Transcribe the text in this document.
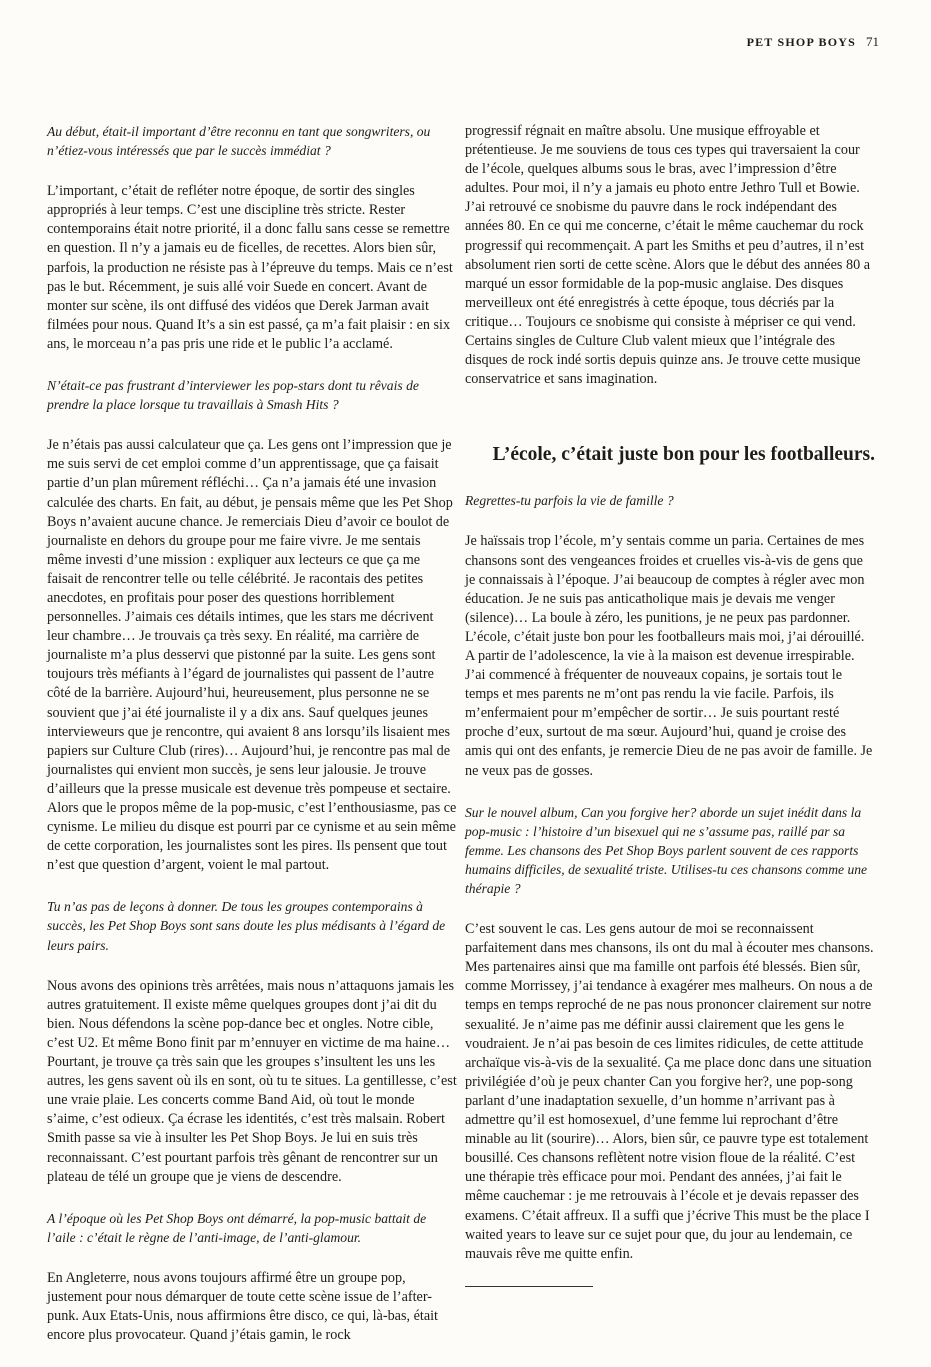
PET SHOP BOYS 71

Au début, était-il important d’être reconnu en tant que songwriters, ou n’étiez-vous intéressés que par le succès immédiat ?

L’important, c’était de refléter notre époque, de sortir des singles appropriés à leur temps. C’est une discipline très stricte. Rester contemporains était notre priorité, il a donc fallu sans cesse se remettre en question. Il n’y a jamais eu de ficelles, de recettes. Alors bien sûr, parfois, la production ne résiste pas à l’épreuve du temps. Mais ce n’est pas le but. Récemment, je suis allé voir Suede en concert. Avant de monter sur scène, ils ont diffusé des vidéos que Derek Jarman avait filmées pour nous. Quand It’s a sin est passé, ça m’a fait plaisir : en six ans, le morceau n’a pas pris une ride et le public l’a acclamé.

N’était-ce pas frustrant d’interviewer les pop-stars dont tu rêvais de prendre la place lorsque tu travaillais à Smash Hits ?

Je n’étais pas aussi calculateur que ça. Les gens ont l’impression que je me suis servi de cet emploi comme d’un apprentissage, que ça faisait partie d’un plan mûrement réfléchi… Ça n’a jamais été une invasion calculée des charts. En fait, au début, je pensais même que les Pet Shop Boys n’avaient aucune chance. Je remerciais Dieu d’avoir ce boulot de journaliste en dehors du groupe pour me faire vivre. Je me sentais même investi d’une mission : expliquer aux lecteurs ce que ça me faisait de rencontrer telle ou telle célébrité. Je racontais des petites anecdotes, en profitais pour poser des questions horriblement personnelles. J’aimais ces détails intimes, que les stars me décrivent leur chambre… Je trouvais ça très sexy. En réalité, ma carrière de journaliste m’a plus desservi que pistonné par la suite. Les gens sont toujours très méfiants à l’égard de journalistes qui passent de l’autre côté de la barrière. Aujourd’hui, heureusement, plus personne ne se souvient que j’ai été journaliste il y a dix ans. Sauf quelques jeunes intervieweurs que je rencontre, qui avaient 8 ans lorsqu’ils lisaient mes papiers sur Culture Club (rires)… Aujourd’hui, je rencontre pas mal de journalistes qui envient mon succès, je sens leur jalousie. Je trouve d’ailleurs que la presse musicale est devenue très pompeuse et sectaire. Alors que le propos même de la pop-music, c’est l’enthousiasme, pas ce cynisme. Le milieu du disque est pourri par ce cynisme et au sein même de cette corporation, les journalistes sont les pires. Ils pensent que tout n’est que question d’argent, voient le mal partout.

Tu n’as pas de leçons à donner. De tous les groupes contemporains à succès, les Pet Shop Boys sont sans doute les plus médisants à l’égard de leurs pairs.

Nous avons des opinions très arrêtées, mais nous n’attaquons jamais les autres gratuitement. Il existe même quelques groupes dont j’ai dit du bien. Nous défendons la scène pop-dance bec et ongles. Notre cible, c’est U2. Et même Bono finit par m’ennuyer en victime de ma haine… Pourtant, je trouve ça très sain que les groupes s’insultent les uns les autres, les gens savent où ils en sont, où tu te situes. La gentillesse, c’est une vraie plaie. Les concerts comme Band Aid, où tout le monde s’aime, c’est odieux. Ça écrase les identités, c’est très malsain. Robert Smith passe sa vie à insulter les Pet Shop Boys. Je lui en suis très reconnaissant. C’est pourtant parfois très gênant de rencontrer sur un plateau de télé un groupe que je viens de descendre.

A l’époque où les Pet Shop Boys ont démarré, la pop-music battait de l’aile : c’était le règne de l’anti-image, de l’anti-glamour.

En Angleterre, nous avons toujours affirmé être un groupe pop, justement pour nous démarquer de toute cette scène issue de l’after-punk. Aux Etats-Unis, nous affirmions être disco, ce qui, là-bas, était encore plus provocateur. Quand j’étais gamin, le rock

progressif régnait en maître absolu. Une musique effroyable et prétentieuse. Je me souviens de tous ces types qui traversaient la cour de l’école, quelques albums sous le bras, avec l’impression d’être adultes. Pour moi, il n’y a jamais eu photo entre Jethro Tull et Bowie. J’ai retrouvé ce snobisme du pauvre dans le rock indépendant des années 80. En ce qui me concerne, c’était le même cauchemar du rock progressif qui recommençait. A part les Smiths et peu d’autres, il n’est absolument rien sorti de cette scène. Alors que le début des années 80 a marqué un essor formidable de la pop-music anglaise. Des disques merveilleux ont été enregistrés à cette époque, tous décriés par la critique… Toujours ce snobisme qui consiste à mépriser ce qui vend. Certains singles de Culture Club valent mieux que l’intégrale des disques de rock indé sortis depuis quinze ans. Je trouve cette musique conservatrice et sans imagination.

L’école, c’était juste bon pour les footballeurs.

Regrettes-tu parfois la vie de famille ?

Je haïssais trop l’école, m’y sentais comme un paria. Certaines de mes chansons sont des vengeances froides et cruelles vis-à-vis de gens que je connaissais à l’époque. J’ai beaucoup de comptes à régler avec mon éducation. Je ne suis pas anticatholique mais je devais me venger (silence)… La boule à zéro, les punitions, je ne peux pas pardonner. L’école, c’était juste bon pour les footballeurs mais moi, j’ai dérouillé. A partir de l’adolescence, la vie à la maison est devenue irrespirable. J’ai commencé à fréquenter de nouveaux copains, je sortais tout le temps et mes parents ne m’ont pas rendu la vie facile. Parfois, ils m’enfermaient pour m’empêcher de sortir… Je suis pourtant resté proche d’eux, surtout de ma sœur. Aujourd’hui, quand je croise des amis qui ont des enfants, je remercie Dieu de ne pas avoir de famille. Je ne veux pas de gosses.

Sur le nouvel album, Can you forgive her? aborde un sujet inédit dans la pop-music : l’histoire d’un bisexuel qui ne s’assume pas, raillé par sa femme. Les chansons des Pet Shop Boys parlent souvent de ces rapports humains difficiles, de sexualité triste. Utilises-tu ces chansons comme une thérapie ?

C’est souvent le cas. Les gens autour de moi se reconnaissent parfaitement dans mes chansons, ils ont du mal à écouter mes chansons. Mes partenaires ainsi que ma famille ont parfois été blessés. Bien sûr, comme Morrissey, j’ai tendance à exagérer mes malheurs. On nous a de temps en temps reproché de ne pas nous prononcer clairement sur notre sexualité. Je n’aime pas me définir aussi clairement que les gens le voudraient. Je n’ai pas besoin de ces limites ridicules, de cette attitude archaïque vis-à-vis de la sexualité. Ça me place donc dans une situation privilégiée d’où je peux chanter Can you forgive her?, une pop-song parlant d’une inadaptation sexuelle, d’un homme n’arrivant pas à admettre qu’il est homosexuel, d’une femme lui reprochant d’être minable au lit (sourire)… Alors, bien sûr, ce pauvre type est totalement bousillé. Ces chansons reflètent notre vision floue de la réalité. C’est une thérapie très efficace pour moi. Pendant des années, j’ai fait le même cauchemar : je me retrouvais à l’école et je devais repasser des examens. C’était affreux. Il a suffi que j’écrive This must be the place I waited years to leave sur ce sujet pour que, du jour au lendemain, ce mauvais rêve me quitte enfin.
